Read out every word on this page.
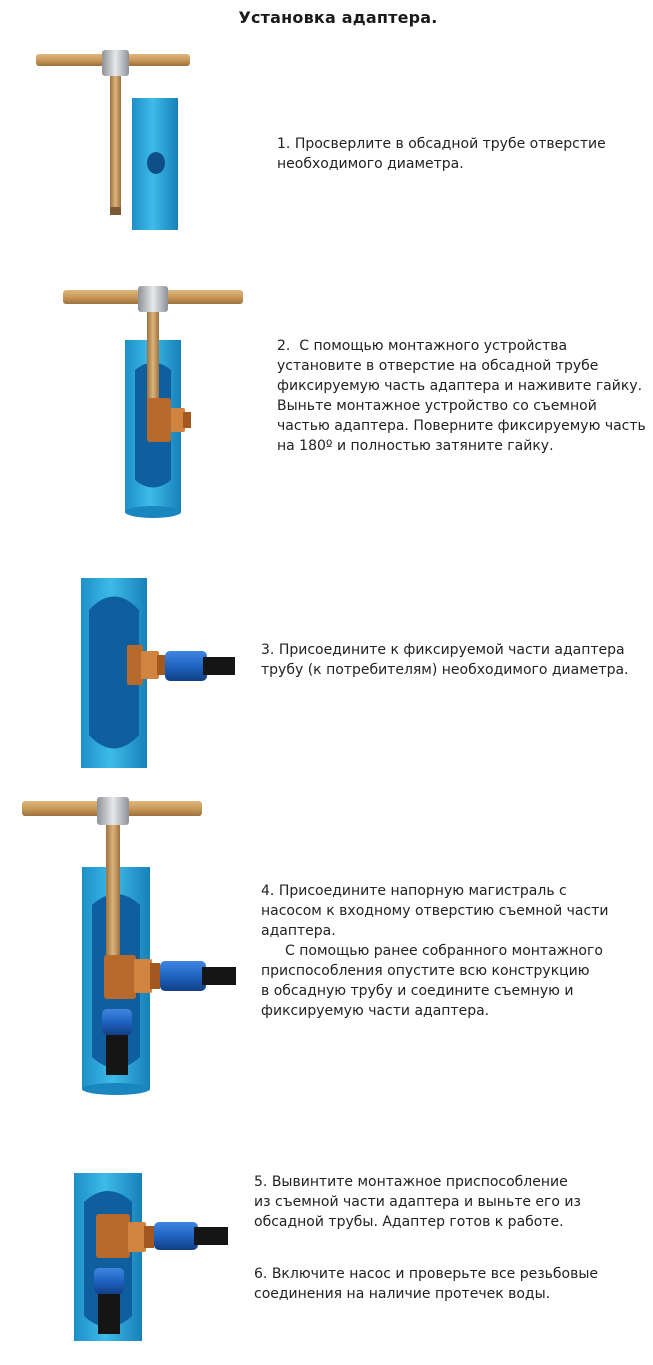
Установка адаптера.

1. Просверлите в обсадной трубе отверстие

необходимого диаметра.

2. С помощью монтажного устройства

установите в отверстие на обсадной трубе

фиксируемую часть адаптера и наживите гайку.

Выньте монтажное устройство со съемной

частью адаптера. Поверните фиксируемую часть

на 180º и полностью затяните гайку.

3. Присоедините к фиксируемой части адаптера

трубу (к потребителям) необходимого диаметра.

4. Присоедините напорную магистраль с

насосом к входному отверстию съемной части

адаптера.

С помощью ранее собранного монтажного

приспособления опустите всю конструкцию

в обсадную трубу и соедините съемную и

фиксируемую части адаптера.

5. Вывинтите монтажное приспособление

из съемной части адаптера и выньте его из

обсадной трубы. Адаптер готов к работе.

6. Включите насос и проверьте все резьбовые

соединения на наличие протечек воды.
